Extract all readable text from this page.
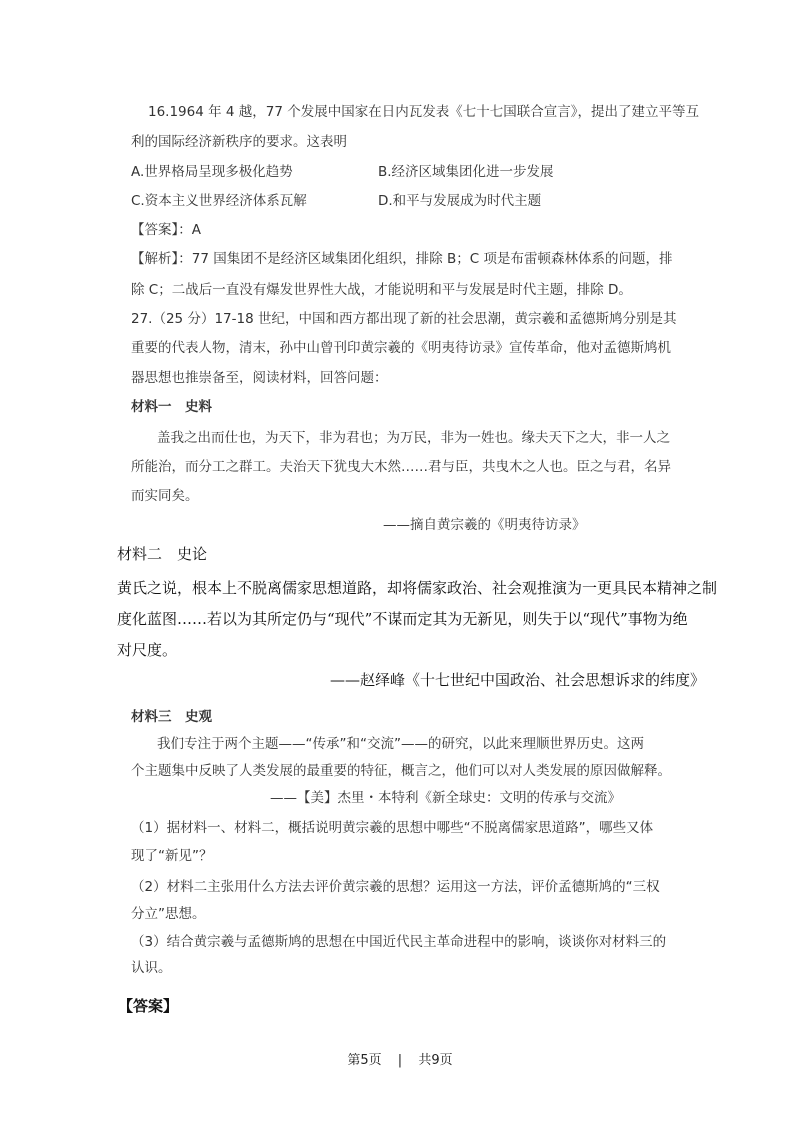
16.1964 年 4 越，77 个发展中国家在日内瓦发表《七十七国联合宣言》，提出了建立平等互
利的国际经济新秩序的要求。这表明
A.世界格局呈现多极化趋势	B.经济区域集团化进一步发展
C.资本主义世界经济体系瓦解	D.和平与发展成为时代主题
【答案】：A
【解析】：77 国集团不是经济区域集团化组织，排除 B；C 项是布雷顿森林体系的问题，排
除 C；二战后一直没有爆发世界性大战，才能说明和平与发展是时代主题，排除 D。
27.（25 分）17-18 世纪，中国和西方都出现了新的社会思潮，黄宗羲和孟德斯鸠分别是其
重要的代表人物，清末，孙中山曾刊印黄宗羲的《明夷待访录》宣传革命，他对孟德斯鸠机
器思想也推崇备至，阅读材料，回答问题：
材料一　史料
盖我之出而仕也，为天下，非为君也；为万民，非为一姓也。缘夫天下之大，非一人之
所能治，而分工之群工。夫治天下犹曳大木然……君与臣，共曳木之人也。臣之与君，名异
而实同矣。
——摘自黄宗羲的《明夷待访录》
材料二　史论
黄氏之说，根本上不脱离儒家思想道路，却将儒家政治、社会观推演为一更具民本精神之制
度化蓝图……若以为其所定仍与“现代”不谋而定其为无新见，则失于以“现代”事物为绝
对尺度。
——赵绎峰《十七世纪中国政治、社会思想诉求的纬度》
材料三　史观
我们专注于两个主题——“传承”和“交流”——的研究，以此来理顺世界历史。这两
个主题集中反映了人类发展的最重要的特征，概言之，他们可以对人类发展的原因做解释。
——【美】杰里・本特利《新全球史：文明的传承与交流》
（1）据材料一、材料二，概括说明黄宗羲的思想中哪些“不脱离儒家思道路”，哪些又体
现了“新见”？
（2）材料二主张用什么方法去评价黄宗羲的思想？运用这一方法，评价孟德斯鸠的“三权
分立”思想。
（3）结合黄宗羲与孟德斯鸠的思想在中国近代民主革命进程中的影响，谈谈你对材料三的
认识。
【答案】
第5页 | 共9页
